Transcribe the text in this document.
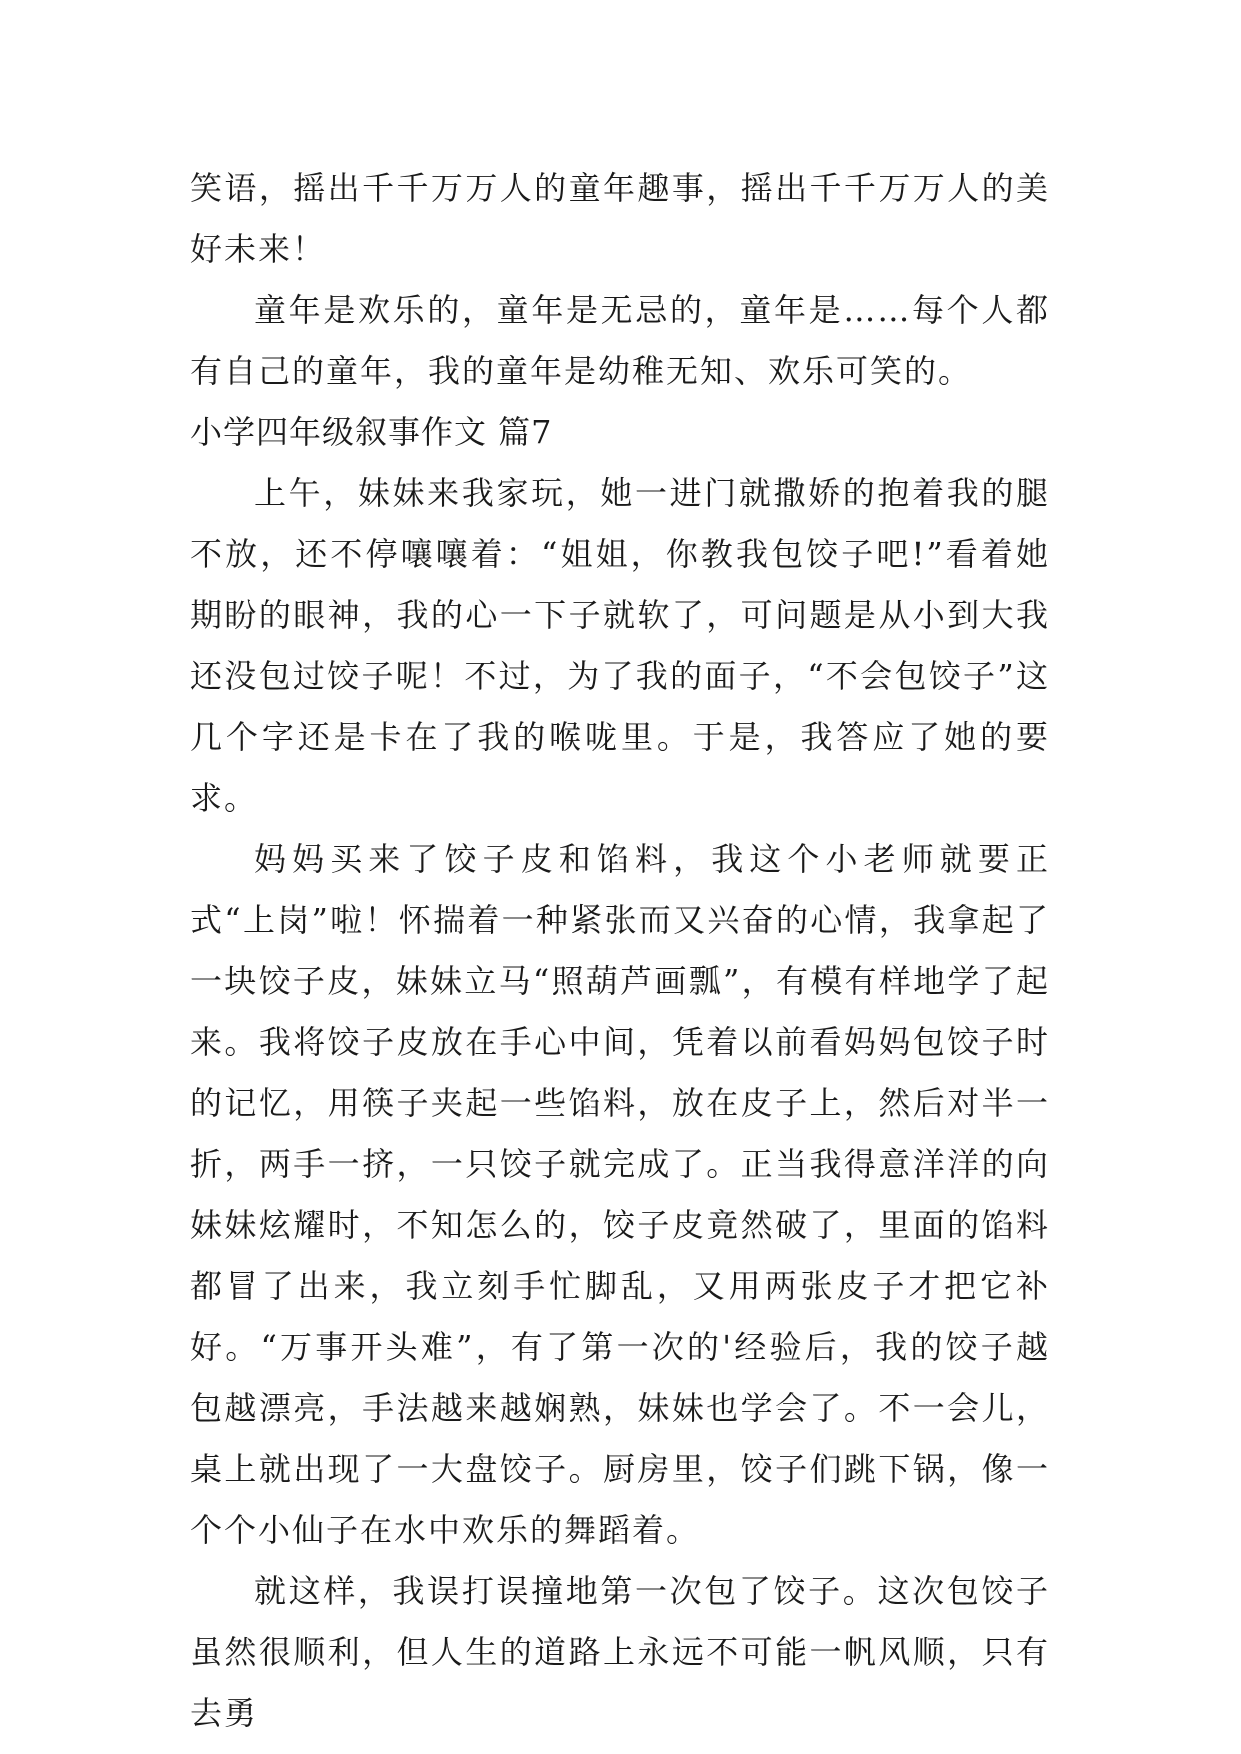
笑语，摇出千千万万人的童年趣事，摇出千千万万人的美好未来！

童年是欢乐的，童年是无忌的，童年是……每个人都有自己的童年，我的童年是幼稚无知、欢乐可笑的。

小学四年级叙事作文 篇7

上午，妹妹来我家玩，她一进门就撒娇的抱着我的腿不放，还不停嚷嚷着：“姐姐，你教我包饺子吧!”看着她期盼的眼神，我的心一下子就软了，可问题是从小到大我还没包过饺子呢！不过，为了我的面子，“不会包饺子”这几个字还是卡在了我的喉咙里。于是，我答应了她的要求。

妈妈买来了饺子皮和馅料，我这个小老师就要正式“上岗”啦！怀揣着一种紧张而又兴奋的心情，我拿起了一块饺子皮，妹妹立马“照葫芦画瓢”，有模有样地学了起来。我将饺子皮放在手心中间，凭着以前看妈妈包饺子时的记忆，用筷子夹起一些馅料，放在皮子上，然后对半一折，两手一挤，一只饺子就完成了。正当我得意洋洋的向妹妹炫耀时，不知怎么的，饺子皮竟然破了，里面的馅料都冒了出来，我立刻手忙脚乱，又用两张皮子才把它补好。“万事开头难”，有了第一次的'经验后，我的饺子越包越漂亮，手法越来越娴熟，妹妹也学会了。不一会儿，桌上就出现了一大盘饺子。厨房里，饺子们跳下锅，像一个个小仙子在水中欢乐的舞蹈着。

就这样，我误打误撞地第一次包了饺子。这次包饺子虽然很顺利，但人生的道路上永远不可能一帆风顺，只有去勇
